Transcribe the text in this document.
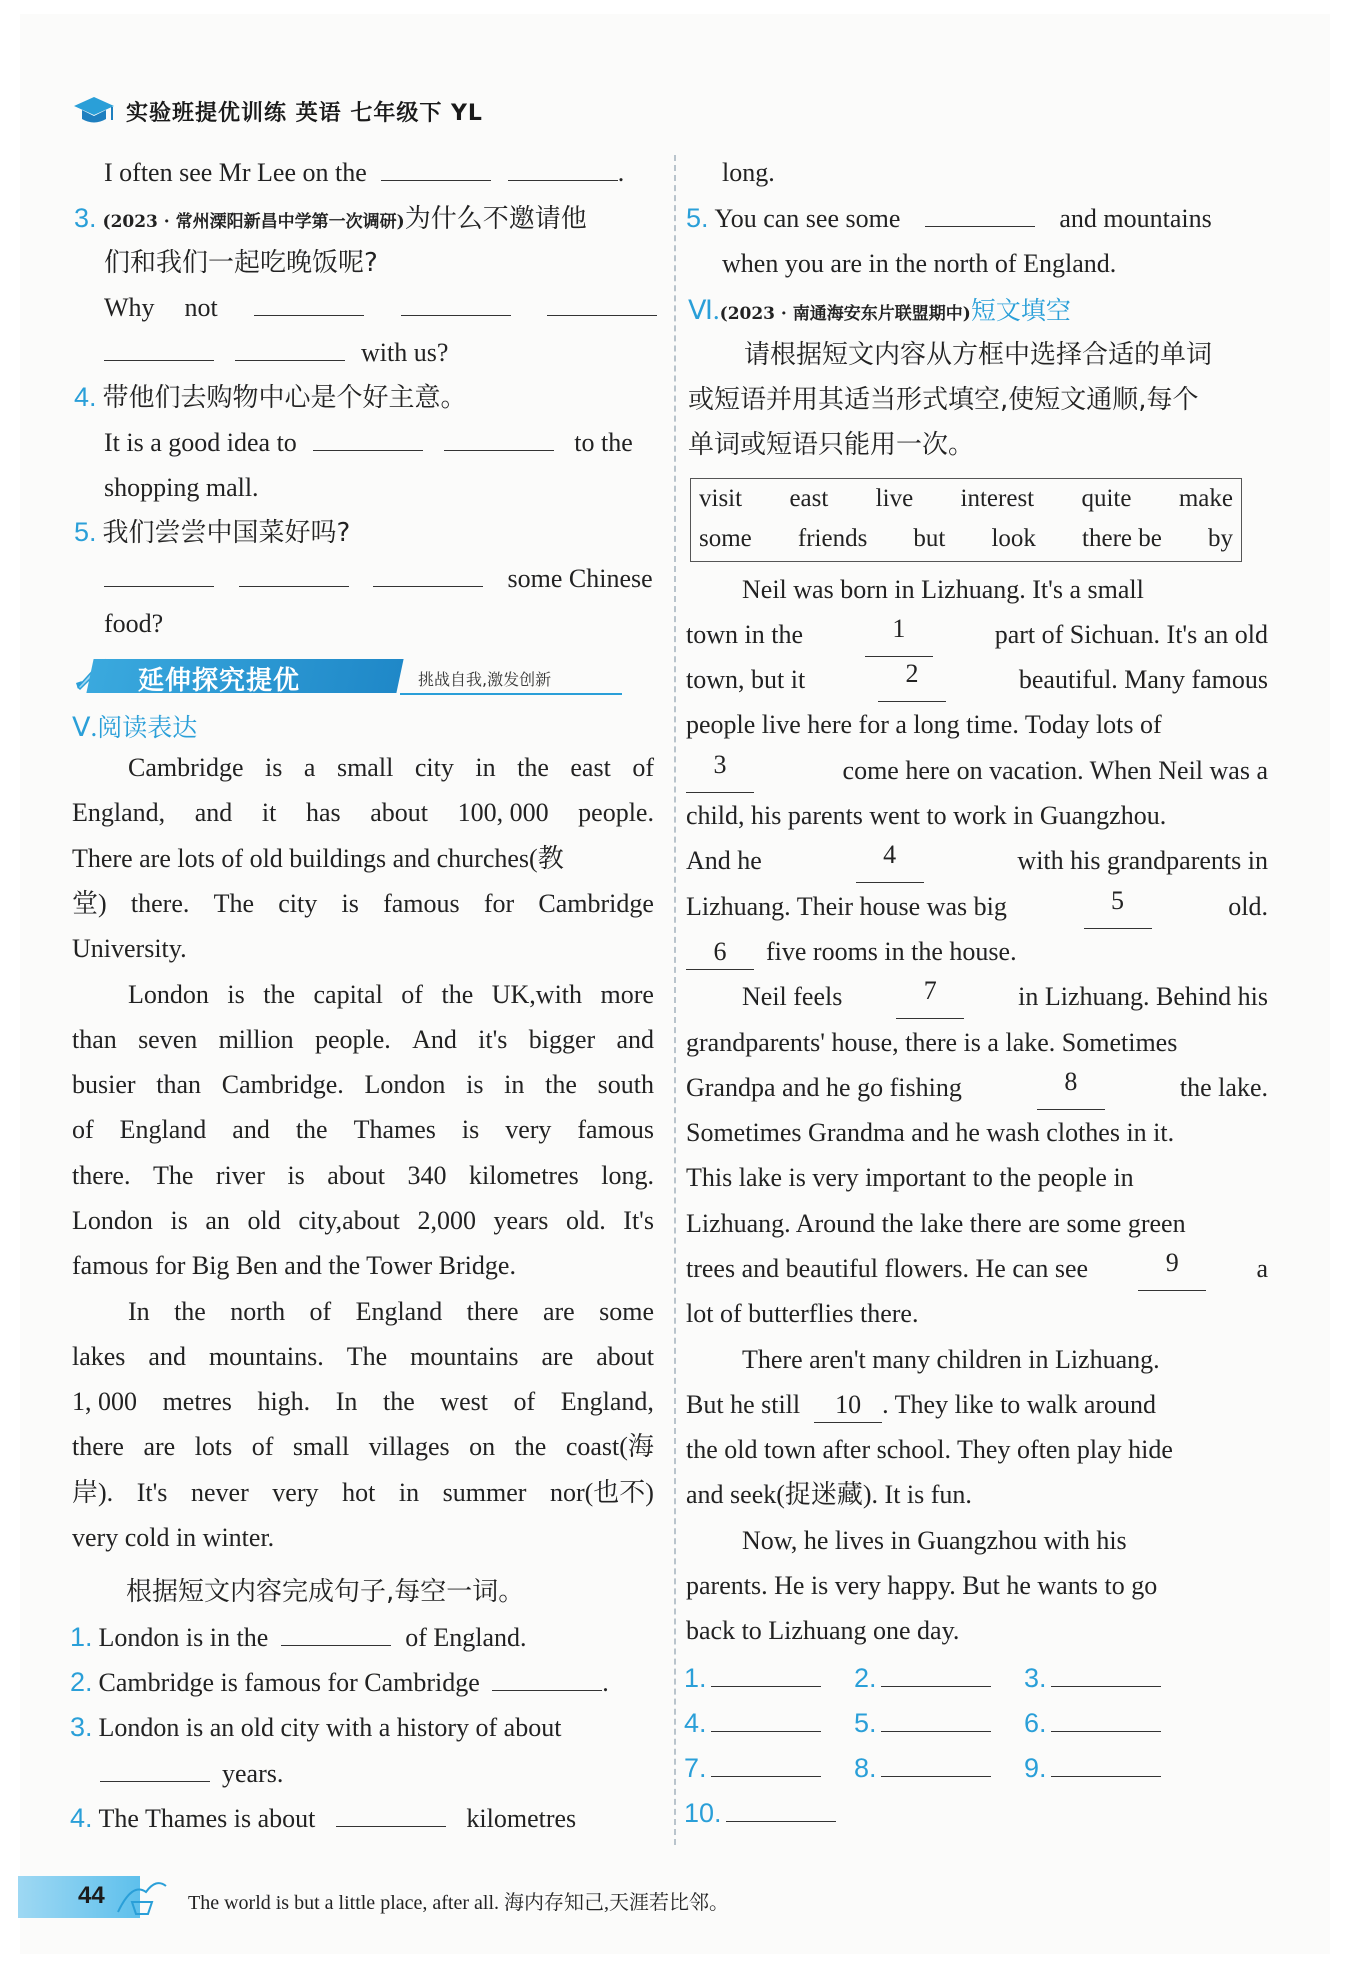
实验班提优训练 英语 七年级下 YL
I often see Mr Lee on the	.
3. (2023 · 常州溧阳新昌中学第一次调研)为什么不邀请他
们和我们一起吃晚饭呢?
Why not
with us?
4. 带他们去购物中心是个好主意。
It is a good idea to	to the
shopping mall.
5. 我们尝尝中国菜好吗?
some Chinese
food?
延伸探究提优	挑战自我,激发创新
Ⅴ.阅读表达
Cambridge is a small city in the east of
England, and it has about 100, 000 people.
There are lots of old buildings and churches(教
堂) there. The city is famous for Cambridge
University.
London is the capital of the UK,with more
than seven million people. And it's bigger and
busier than Cambridge. London is in the south
of England and the Thames is very famous
there. The river is about 340 kilometres long.
London is an old city,about 2,000 years old. It's
famous for Big Ben and the Tower Bridge.
In the north of England there are some
lakes and mountains. The mountains are about
1, 000 metres high. In the west of England,
there are lots of small villages on the coast(海
岸). It's never very hot in summer nor(也不)
very cold in winter.
根据短文内容完成句子,每空一词。
1. London is in the	of England.
2. Cambridge is famous for Cambridge	.
3. London is an old city with a history of about
years.
4. The Thames is about	kilometres
long.
5. You can see some	and mountains
when you are in the north of England.
Ⅵ.(2023 · 南通海安东片联盟期中)短文填空
请根据短文内容从方框中选择合适的单词
或短语并用其适当形式填空,使短文通顺,每个
单词或短语只能用一次。
visit east live interest quite make
some friends but look there be by
Neil was born in Lizhuang. It's a small
town in the	1	part of Sichuan. It's an old
town, but it	2	beautiful. Many famous
people live here for a long time. Today lots of
3	come here on vacation. When Neil was a
child, his parents went to work in Guangzhou.
And he	4	with his grandparents in
Lizhuang. Their house was big	5	old.
6 five rooms in the house.
Neil feels	7	in Lizhuang. Behind his
grandparents' house, there is a lake. Sometimes
Grandpa and he go fishing	8	the lake.
Sometimes Grandma and he wash clothes in it.
This lake is very important to the people in
Lizhuang. Around the lake there are some green
trees and beautiful flowers. He can see	9	a
lot of butterflies there.
There aren't many children in Lizhuang.
But he still 10 . They like to walk around
the old town after school. They often play hide
and seek(捉迷藏). It is fun.
Now, he lives in Guangzhou with his
parents. He is very happy. But he wants to go
back to Lizhuang one day.
1.	2.	3.
4.	5.	6.
7.	8.	9.
10.
44	The world is but a little place, after all. 海内存知己,天涯若比邻。
